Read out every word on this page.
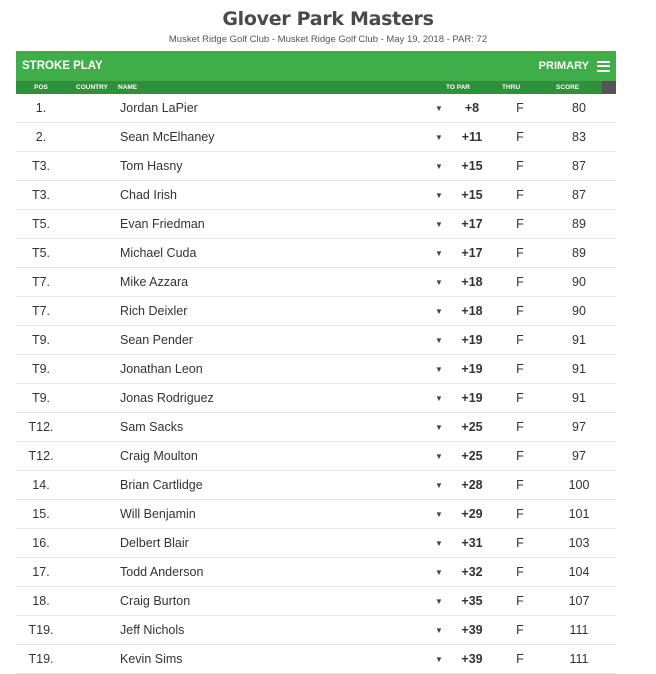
Glover Park Masters
Musket Ridge Golf Club - Musket Ridge Golf Club - May 19, 2018 - PAR: 72
STROKE PLAY	PRIMARY
POS	COUNTRY NAME	TO PAR	THRU	SCORE
1.	Jordan LaPier	+8	F	80
▼
2.	Sean McElhaney	+11	F	83
▼
T3.	Tom Hasny	+15	F	87
▼
T3.	Chad Irish	+15	F	87
▼
T5.	Evan Friedman	+17	F	89
▼
T5.	Michael Cuda	+17	F	89
▼
T7.	Mike Azzara	+18	F	90
▼
T7.	Rich Deixler	+18	F	90
▼
T9.	Sean Pender	+19	F	91
▼
T9.	Jonathan Leon	+19	F	91
▼
T9.	Jonas Rodriguez	+19	F	91
▼
T12.	Sam Sacks	+25	F	97
▼
T12.	Craig Moulton	+25	F	97
▼
14.	Brian Cartlidge	+28	F	100
▼
15.	Will Benjamin	+29	F	101
▼
16.	Delbert Blair	+31	F	103
▼
17.	Todd Anderson	+32	F	104
▼
18.	Craig Burton	+35	F	107
▼
T19.	Jeff Nichols	+39	F	111
▼
T19.	Kevin Sims	+39	F	111
▼
